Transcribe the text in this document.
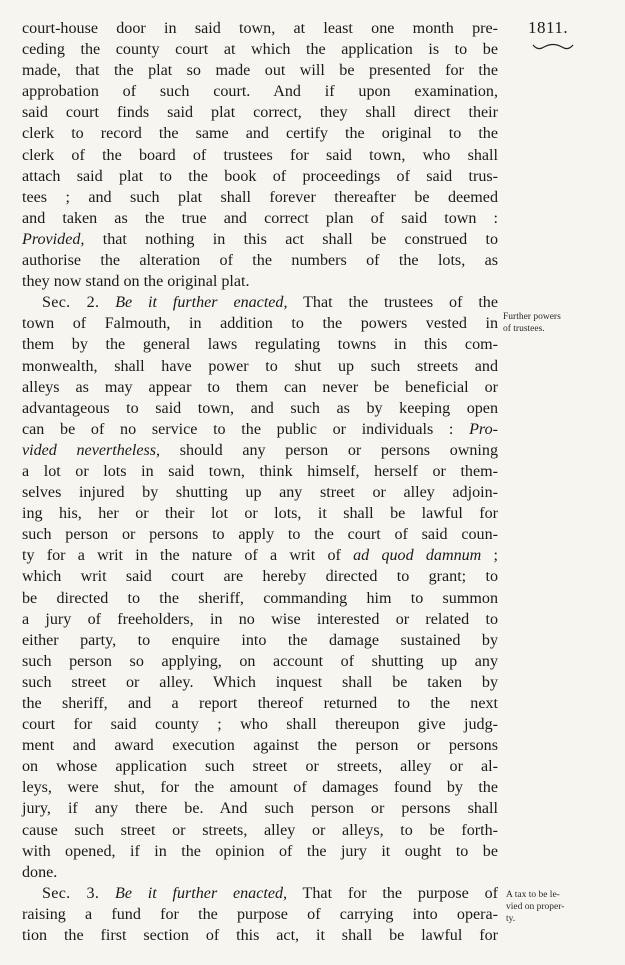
1811.
court-house door in said town, at least one month pre-
ceding the county court at which the application is to be
made, that the plat so made out will be presented for the
approbation of such court. And if upon examination,
said court finds said plat correct, they shall direct their
clerk to record the same and certify the original to the
clerk of the board of trustees for said town, who shall
attach said plat to the book of proceedings of said trus-
tees ; and such plat shall forever thereafter be deemed
and taken as the true and correct plan of said town :
Provided, that nothing in this act shall be construed to
authorise the alteration of the numbers of the lots, as
they now stand on the original plat.
Sec. 2. Be it further enacted, That the trustees of the
town of Falmouth, in addition to the powers vested in
them by the general laws regulating towns in this com-
monwealth, shall have power to shut up such streets and
alleys as may appear to them can never be beneficial or
advantageous to said town, and such as by keeping open
can be of no service to the public or individuals : Pro-
vided nevertheless, should any person or persons owning
a lot or lots in said town, think himself, herself or them-
selves injured by shutting up any street or alley adjoin-
ing his, her or their lot or lots, it shall be lawful for
such person or persons to apply to the court of said coun-
ty for a writ in the nature of a writ of ad quod damnum ;
which writ said court are hereby directed to grant; to
be directed to the sheriff, commanding him to summon
a jury of freeholders, in no wise interested or related to
either party, to enquire into the damage sustained by
such person so applying, on account of shutting up any
such street or alley. Which inquest shall be taken by
the sheriff, and a report thereof returned to the next
court for said county ; who shall thereupon give judg-
ment and award execution against the person or persons
on whose application such street or streets, alley or al-
leys, were shut, for the amount of damages found by the
jury, if any there be. And such person or persons shall
cause such street or streets, alley or alleys, to be forth-
with opened, if in the opinion of the jury it ought to be
done.
Sec. 3. Be it further enacted, That for the purpose of
raising a fund for the purpose of carrying into opera-
tion the first section of this act, it shall be lawful for
Further powers
of trustees.
A tax to be le-
vied on proper-
ty.
